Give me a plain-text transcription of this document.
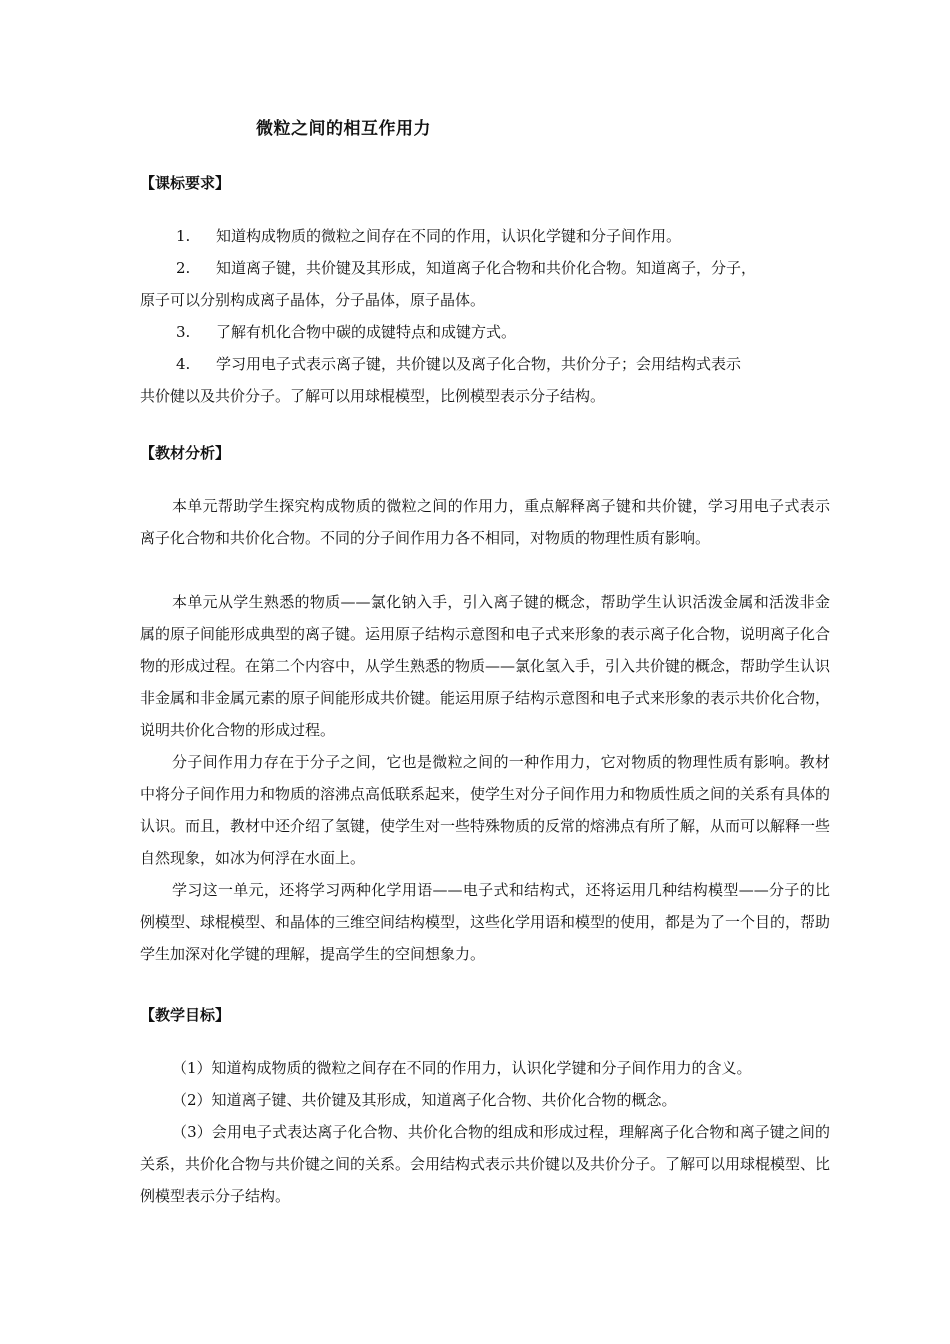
微粒之间的相互作用力
【课标要求】

1. 知道构成物质的微粒之间存在不同的作用，认识化学键和分子间作用。

2. 知道离子键，共价键及其形成，知道离子化合物和共价化合物。知道离子，分子，

原子可以分别构成离子晶体，分子晶体，原子晶体。

3. 了解有机化合物中碳的成键特点和成键方式。

4. 学习用电子式表示离子键，共价键以及离子化合物，共价分子；会用结构式表示

共价健以及共价分子。了解可以用球棍模型，比例模型表示分子结构。

【教材分析】

本单元帮助学生探究构成物质的微粒之间的作用力，重点解释离子键和共价键，学习用电子式表示离子化合物和共价化合物。不同的分子间作用力各不相同，对物质的物理性质有影响。

本单元从学生熟悉的物质——氯化钠入手，引入离子键的概念，帮助学生认识活泼金属和活泼非金属的原子间能形成典型的离子键。运用原子结构示意图和电子式来形象的表示离子化合物，说明离子化合物的形成过程。在第二个内容中，从学生熟悉的物质——氯化氢入手，引入共价键的概念，帮助学生认识非金属和非金属元素的原子间能形成共价键。能运用原子结构示意图和电子式来形象的表示共价化合物，说明共价化合物的形成过程。

分子间作用力存在于分子之间，它也是微粒之间的一种作用力，它对物质的物理性质有影响。教材中将分子间作用力和物质的溶沸点高低联系起来，使学生对分子间作用力和物质性质之间的关系有具体的认识。而且，教材中还介绍了氢键，使学生对一些特殊物质的反常的熔沸点有所了解，从而可以解释一些自然现象，如冰为何浮在水面上。

学习这一单元，还将学习两种化学用语——电子式和结构式，还将运用几种结构模型——分子的比例模型、球棍模型、和晶体的三维空间结构模型，这些化学用语和模型的使用，都是为了一个目的，帮助学生加深对化学键的理解，提高学生的空间想象力。

【教学目标】

（1）知道构成物质的微粒之间存在不同的作用力，认识化学键和分子间作用力的含义。

（2）知道离子键、共价键及其形成，知道离子化合物、共价化合物的概念。

（3）会用电子式表达离子化合物、共价化合物的组成和形成过程，理解离子化合物和离子键之间的关系，共价化合物与共价键之间的关系。会用结构式表示共价键以及共价分子。了解可以用球棍模型、比例模型表示分子结构。
